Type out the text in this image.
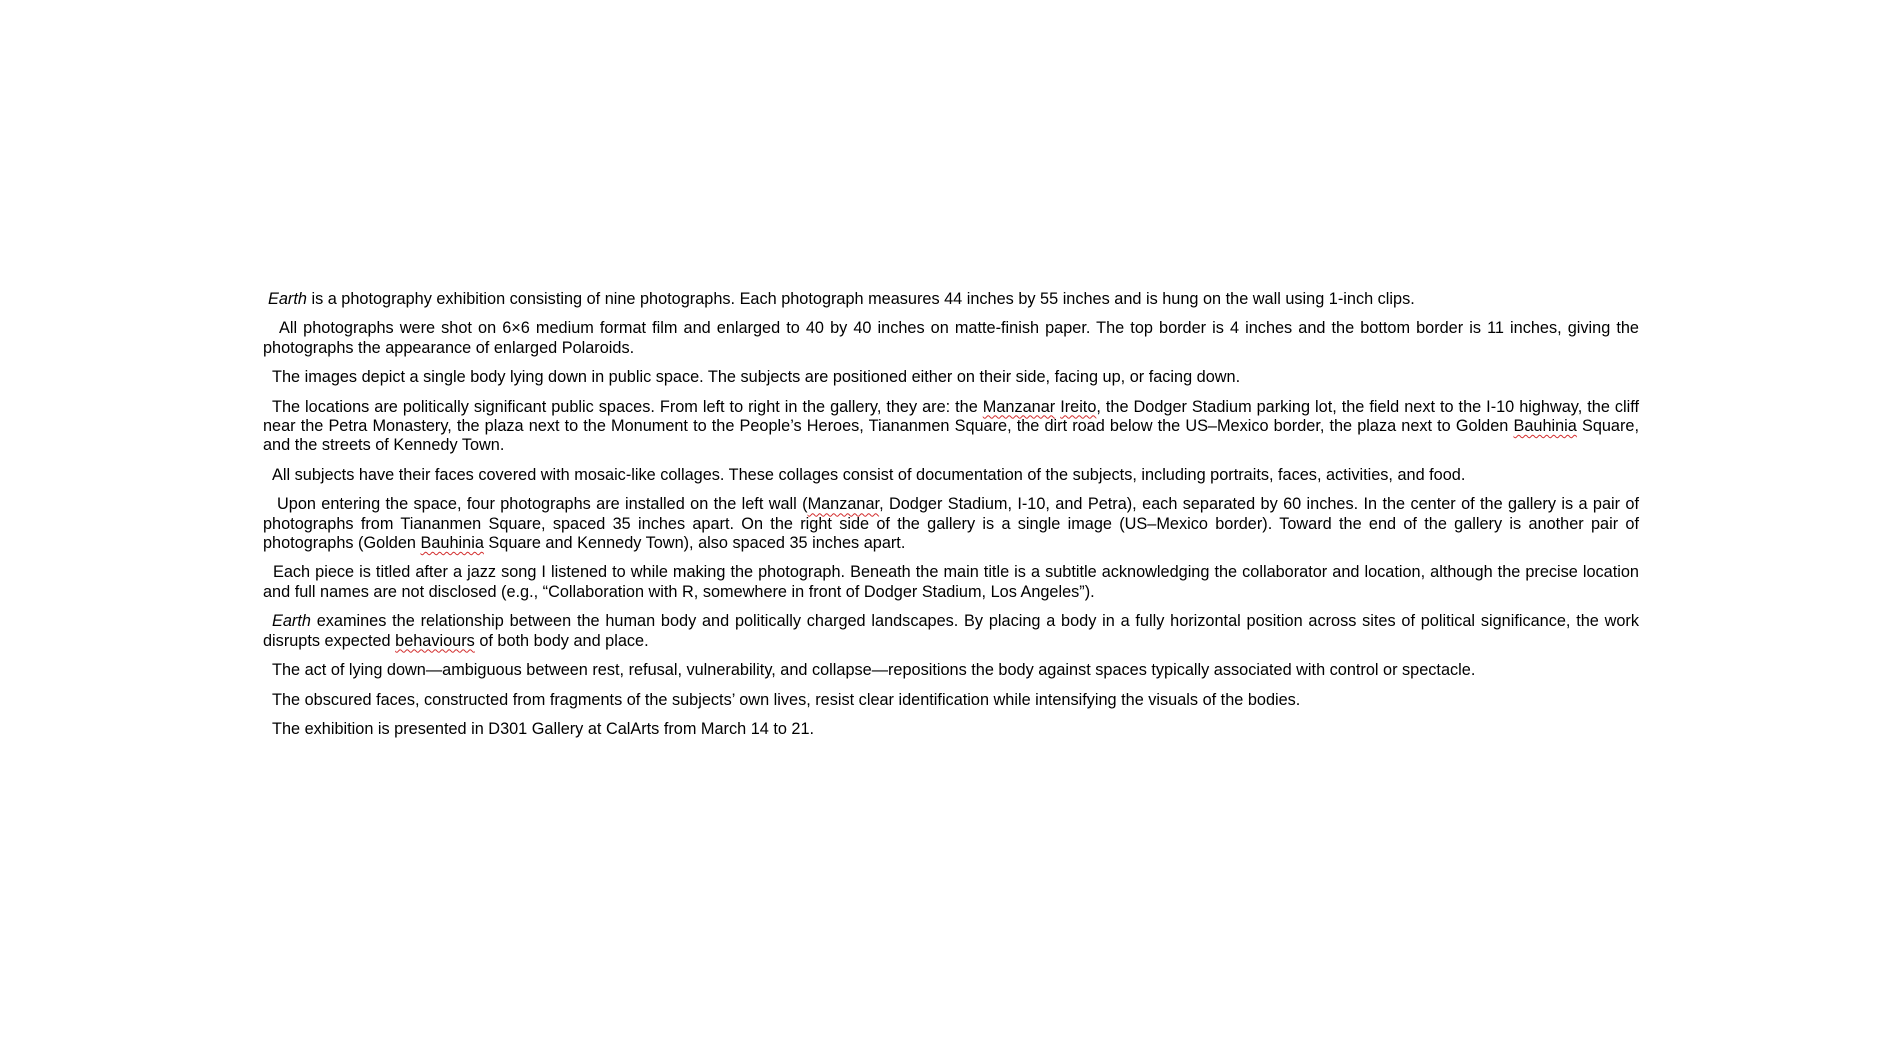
Earth is a photography exhibition consisting of nine photographs. Each photograph measures 44 inches by 55 inches and is hung on the wall using 1-inch clips.

All photographs were shot on 6×6 medium format film and enlarged to 40 by 40 inches on matte-finish paper. The top border is 4 inches and the bottom border is 11 inches, giving the photographs the appearance of enlarged Polaroids.

The images depict a single body lying down in public space. The subjects are positioned either on their side, facing up, or facing down.

The locations are politically significant public spaces. From left to right in the gallery, they are: the Manzanar Ireito, the Dodger Stadium parking lot, the field next to the I-10 highway, the cliff near the Petra Monastery, the plaza next to the Monument to the People’s Heroes, Tiananmen Square, the dirt road below the US–Mexico border, the plaza next to Golden Bauhinia Square, and the streets of Kennedy Town.

All subjects have their faces covered with mosaic-like collages. These collages consist of documentation of the subjects, including portraits, faces, activities, and food.

Upon entering the space, four photographs are installed on the left wall (Manzanar, Dodger Stadium, I-10, and Petra), each separated by 60 inches. In the center of the gallery is a pair of photographs from Tiananmen Square, spaced 35 inches apart. On the right side of the gallery is a single image (US–Mexico border). Toward the end of the gallery is another pair of photographs (Golden Bauhinia Square and Kennedy Town), also spaced 35 inches apart.

Each piece is titled after a jazz song I listened to while making the photograph. Beneath the main title is a subtitle acknowledging the collaborator and location, although the precise location and full names are not disclosed (e.g., “Collaboration with R, somewhere in front of Dodger Stadium, Los Angeles”).

Earth examines the relationship between the human body and politically charged landscapes. By placing a body in a fully horizontal position across sites of political significance, the work disrupts expected behaviours of both body and place.

The act of lying down—ambiguous between rest, refusal, vulnerability, and collapse—repositions the body against spaces typically associated with control or spectacle.

The obscured faces, constructed from fragments of the subjects’ own lives, resist clear identification while intensifying the visuals of the bodies.

The exhibition is presented in D301 Gallery at CalArts from March 14 to 21.
